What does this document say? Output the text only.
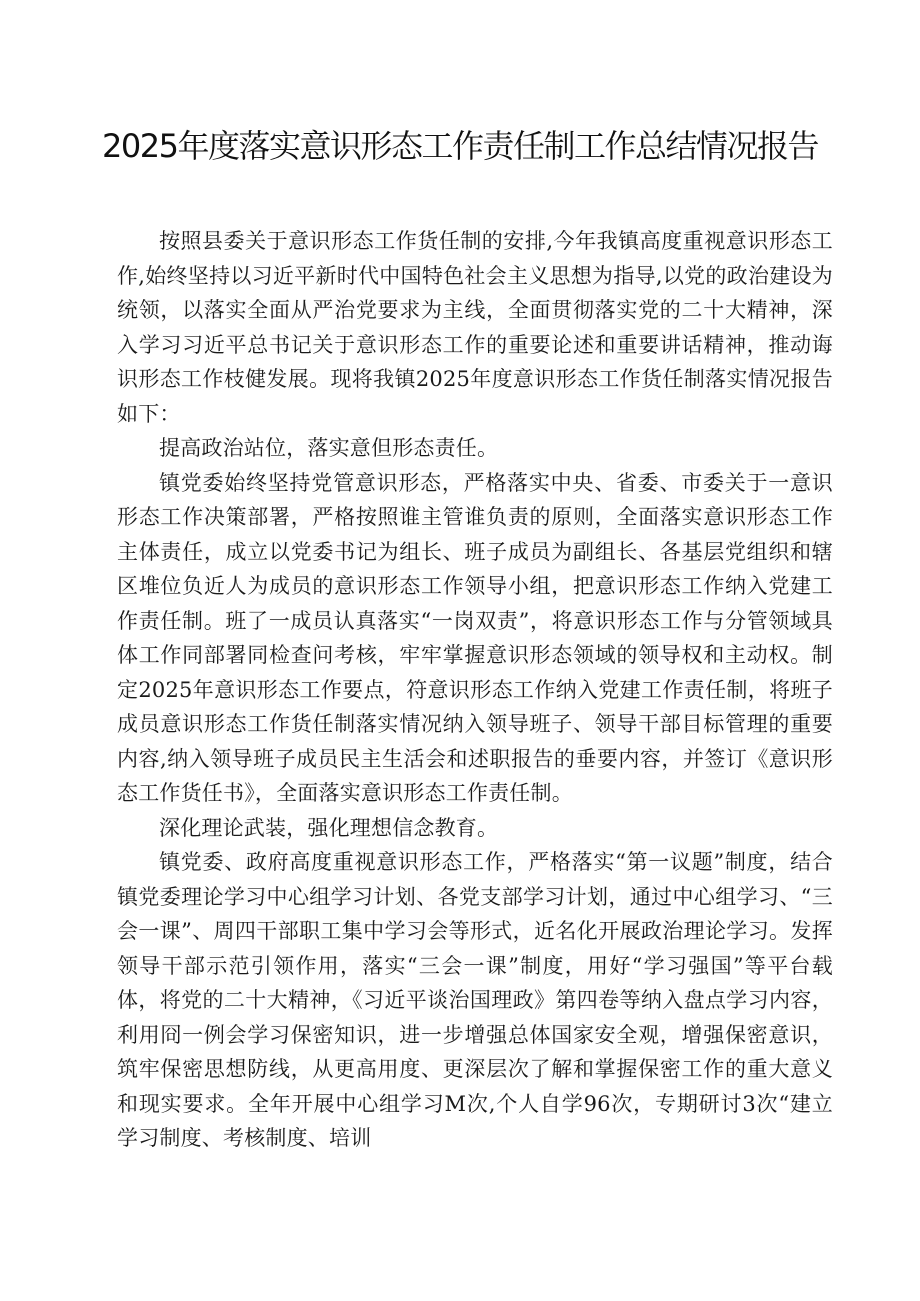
2025年度落实意识形态工作责任制工作总结情况报告

按照县委关于意识形态工作货任制的安排,今年我镇高度重视意识形态工作,始终坚持以习近平新时代中国特色社会主义思想为指导,以党的政治建设为统领，以落实全面从严治党要求为主线，全面贯彻落实党的二十大精神，深入学习习近平总书记关于意识形态工作的重要论述和重要讲话精神，推动诲识形态工作枝健发展。现将我镇2025年度意识形态工作货任制落实情况报告如下：

提高政治站位，落实意但形态责任。

镇党委始终坚持党管意识形态，严格落实中央、省委、市委关于一意识形态工作决策部署，严格按照谁主管谁负责的原则，全面落实意识形态工作主体责任，成立以党委书记为组长、班子成员为副组长、各基层党组织和辖区堆位负近人为成员的意识形态工作领导小组，把意识形态工作纳入党建工作责任制。班了一成员认真落实“一岗双责”，将意识形态工作与分管领域具体工作同部署同检查问考核，牢牢掌握意识形态领域的领导权和主动权。制定2025年意识形态工作要点，符意识形态工作纳入党建工作责任制，将班子成员意识形态工作货任制落实情况纳入领导班子、领导干部目标管理的重要内容,纳入领导班子成员民主生活会和述职报告的垂要内容，并签订《意识形态工作货任书》，全面落实意识形态工作责任制。

深化理论武装，强化理想信念教育。

镇党委、政府高度重视意识形态工作，严格落实“第一议题”制度，结合镇党委理论学习中心组学习计划、各党支部学习计划，通过中心组学习、“三会一课”、周四干部职工集中学习会等形式，近名化开展政治理论学习。发挥领导干部示范引领作用，落实“三会一课”制度，用好“学习强国”等平台载体，将党的二十大精神，《习近平谈治国理政》第四卷等纳入盘点学习内容，利用冏一例会学习保密知识，进一步增强总体国家安全观，增强保密意识，筑牢保密思想防线，从更高用度、更深层次了解和掌握保密工作的重大意义和现实要求。全年开展中心组学习M次,个人自学96次，专期研讨3次“建立学习制度、考核制度、培训
